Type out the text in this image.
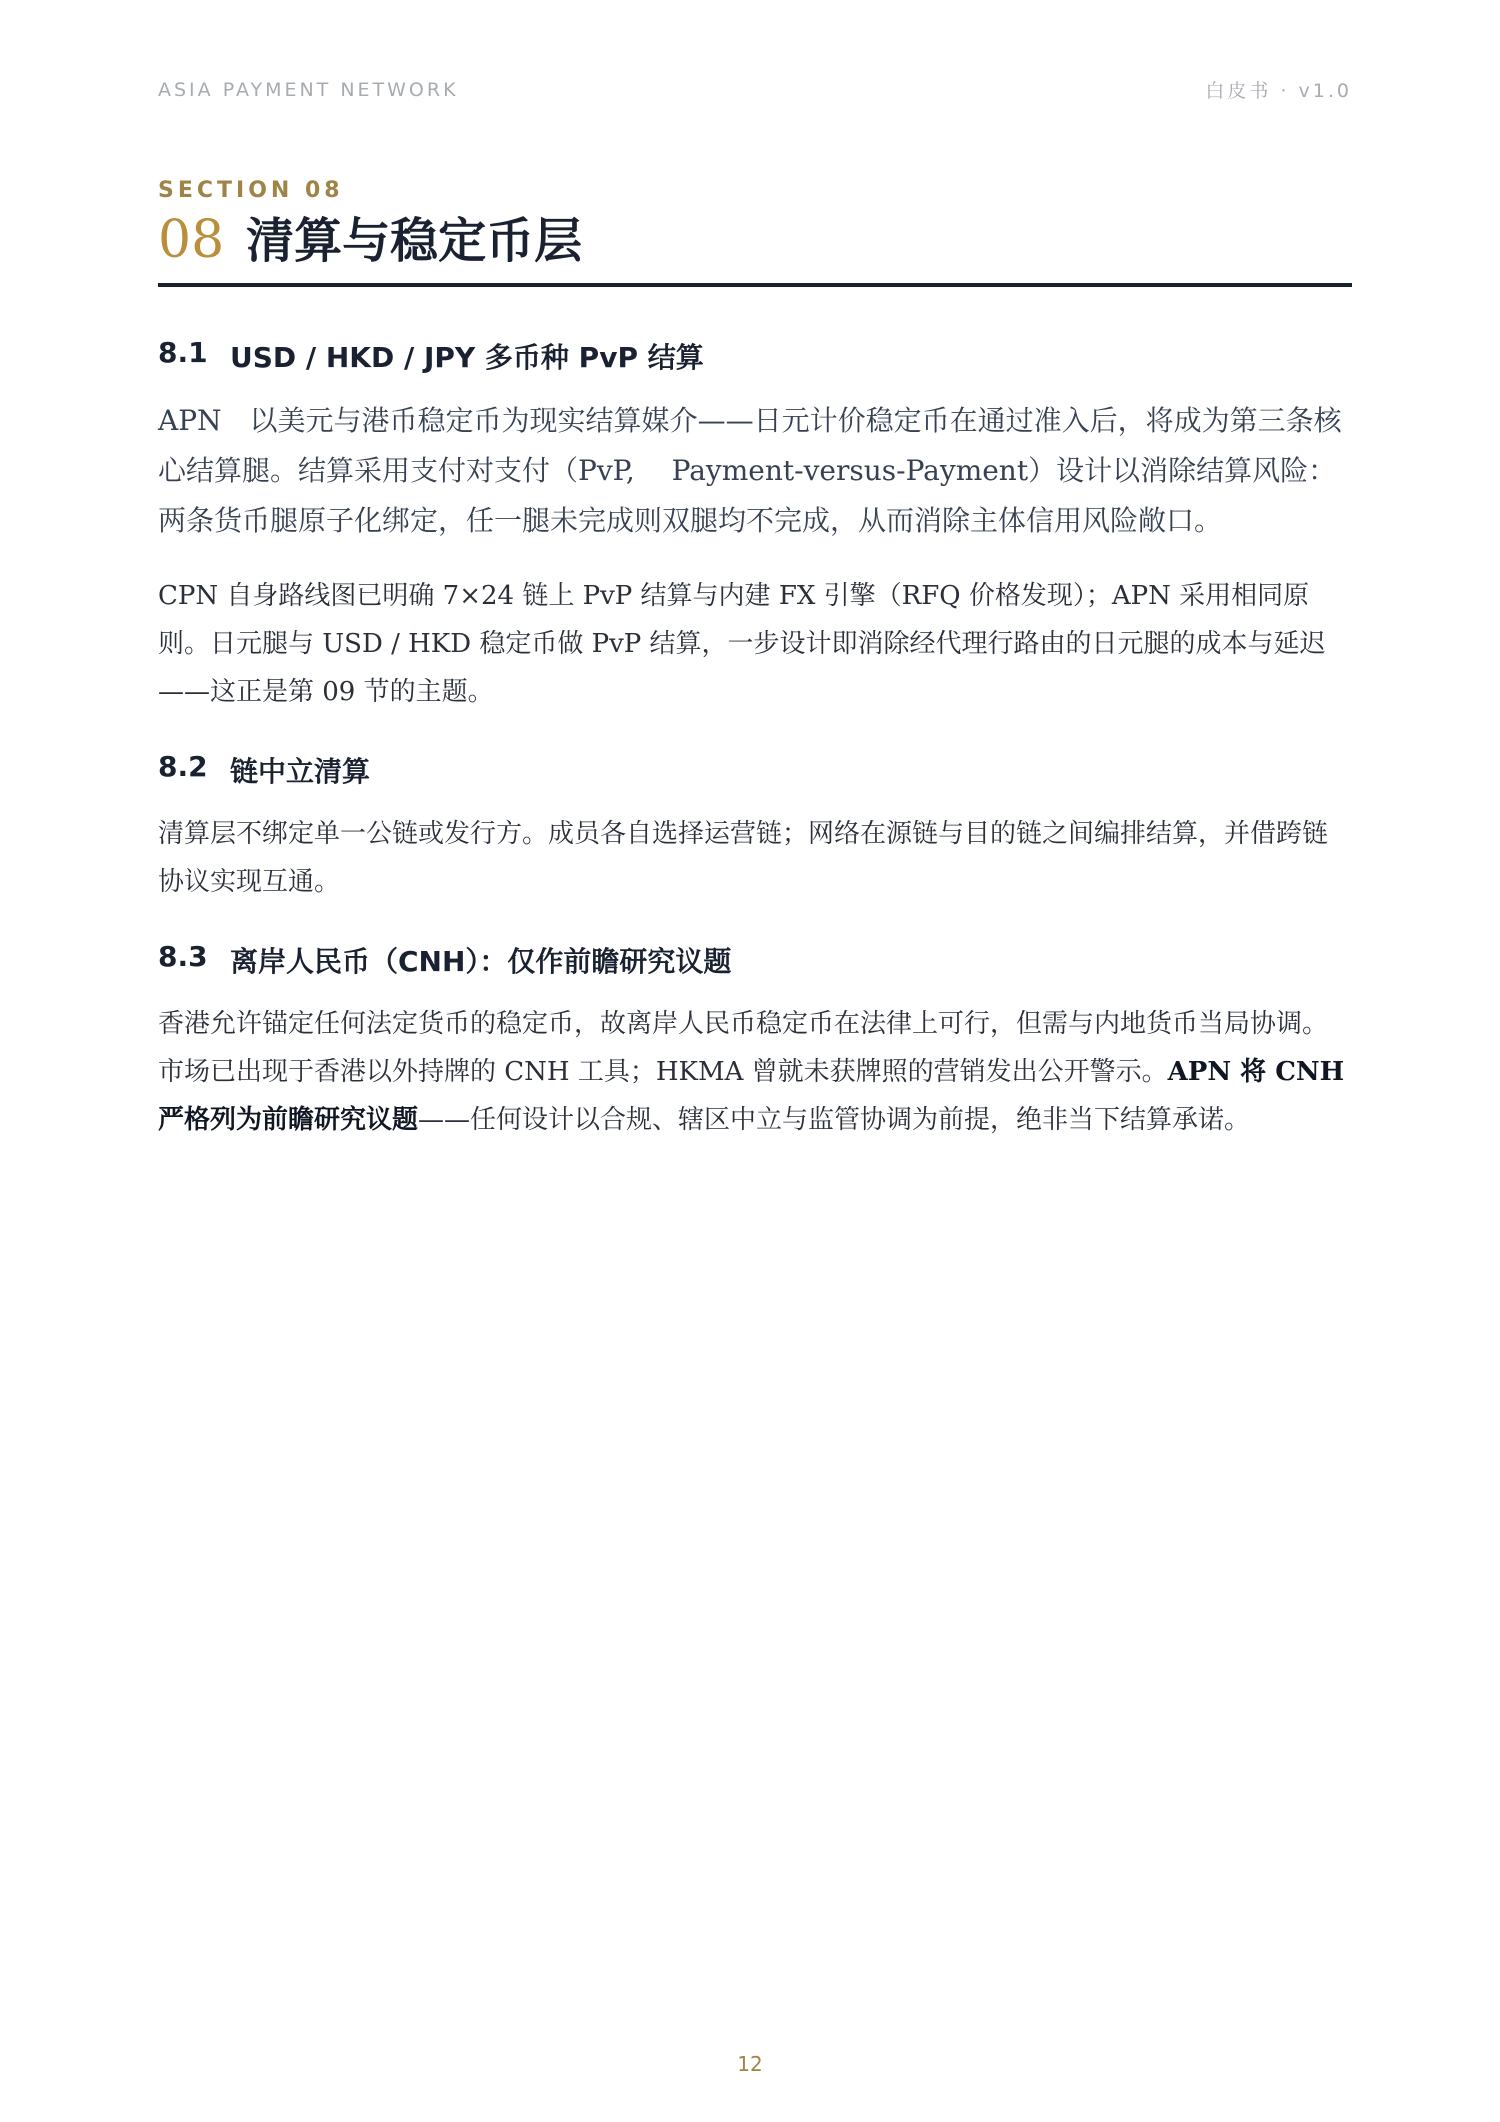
ASIA PAYMENT NETWORK	白皮书 · v1.0
SECTION 08
08 清算与稳定币层
8.1 USD / HKD / JPY 多币种 PvP 结算

APN　以美元与港币稳定币为现实结算媒介——日元计价稳定币在通过准入后，将成为第三条核心结算腿。结算采用支付对支付（PvP,　 Payment-versus-Payment）设计以消除结算风险：两条货币腿原子化绑定，任一腿未完成则双腿均不完成，从而消除主体信用风险敞口。

CPN 自身路线图已明确 7×24 链上 PvP 结算与内建 FX 引擎（RFQ 价格发现）；APN 采用相同原则。日元腿与 USD / HKD 稳定币做 PvP 结算，一步设计即消除经代理行路由的日元腿的成本与延迟——这正是第 09 节的主题。

8.2 链中立清算

清算层不绑定单一公链或发行方。成员各自选择运营链；网络在源链与目的链之间编排结算，并借跨链协议实现互通。

8.3 离岸人民币（CNH）：仅作前瞻研究议题

香港允许锚定任何法定货币的稳定币，故离岸人民币稳定币在法律上可行，但需与内地货币当局协调。市场已出现于香港以外持牌的 CNH 工具；HKMA 曾就未获牌照的营销发出公开警示。APN 将 CNH 严格列为前瞻研究议题——任何设计以合规、辖区中立与监管协调为前提，绝非当下结算承诺。

12
